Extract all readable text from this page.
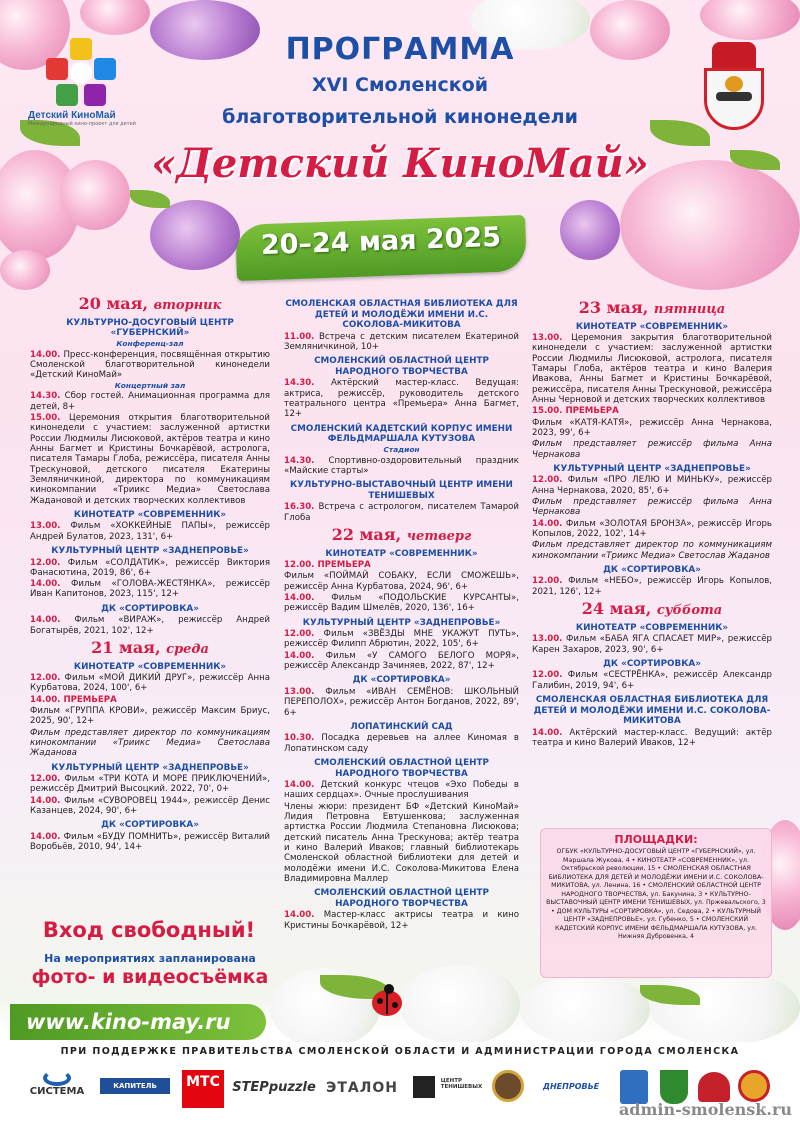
Детский КиноМай
Международный кино-проект для детей
ПРОГРАММА
XVI Смоленской
благотворительной кинонедели
«Детский КиноМай»
20–24 мая 2025
20 мая, вторник
КУЛЬТУРНО-ДОСУГОВЫЙ ЦЕНТР «ГУБЕРНСКИЙ»
Конференц-зал
14.00. Пресс-конференция, посвящённая открытию Смоленской благотворительной кинонедели «Детский КиноМай»
Концертный зал
14.30. Сбор гостей. Анимационная программа для детей, 8+
15.00. Церемония открытия благотворительной кинонедели с участием: заслуженной артистки России Людмилы Лисюковой, актёров театра и кино Анны Багмет и Кристины Бочкарёвой, астролога, писателя Тамары Глоба, режиссёра, писателя Анны Трескуновой, детского писателя Екатерины Земляничкиной, директора по коммуникациям кинокомпании «Триикс Медиа» Светославa Жадановой и детских творческих коллективов
КИНОТЕАТР «СОВРЕМЕННИК»
13.00. Фильм «ХОККЕЙНЫЕ ПАПЫ», режиссёр Андрей Булатов, 2023, 131', 6+
КУЛЬТУРНЫЙ ЦЕНТР «ЗАДНЕПРОВЬЕ»
12.00. Фильм «СОЛДАТИК», режиссёр Виктория Фанасютина, 2019, 86', 6+
14.00. Фильм «ГОЛОВА-ЖЕСТЯНКА», режиссёр Иван Капитонов, 2023, 115', 12+
ДК «СОРТИРОВКА»
14.00. Фильм «ВИРАЖ», режиссёр Андрей Богатырёв, 2021, 102', 12+
21 мая, среда
КИНОТЕАТР «СОВРЕМЕННИК»
12.00. Фильм «МОЙ ДИКИЙ ДРУГ», режиссёр Анна Курбатова, 2024, 100', 6+
14.00. ПРЕМЬЕРА
Фильм «ГРУППА КРОВИ», режиссёр Максим Бриус, 2025, 90', 12+
Фильм представляет директор по коммуникациям кинокомпании «Триикс Медиа» Светослава Жаданова
КУЛЬТУРНЫЙ ЦЕНТР «ЗАДНЕПРОВЬЕ»
12.00. Фильм «ТРИ КОТА И МОРЕ ПРИКЛЮЧЕНИЙ», режиссёр Дмитрий Высоцкий. 2022, 70', 0+
14.00. Фильм «СУВОРОВЕЦ 1944», режиссёр Денис Казанцев, 2024, 90', 6+
ДК «СОРТИРОВКА»
14.00. Фильм «БУДУ ПОМНИТЬ», режиссёр Виталий Воробьёв, 2010, 94', 14+
СМОЛЕНСКАЯ ОБЛАСТНАЯ БИБЛИОТЕКА ДЛЯ ДЕТЕЙ И МОЛОДЁЖИ ИМЕНИ И.С. СОКОЛОВА-МИКИТОВА
11.00. Встреча с детским писателем Екатериной Земляничкиной, 10+
СМОЛЕНСКИЙ ОБЛАСТНОЙ ЦЕНТР НАРОДНОГО ТВОРЧЕСТВА
14.30. Актёрский мастер-класс. Ведущая: актриса, режиссёр, руководитель детского театрального центра «Премьера» Анна Багмет, 12+
СМОЛЕНСКИЙ КАДЕТСКИЙ КОРПУС ИМЕНИ ФЕЛЬДМАРШАЛА КУТУЗОВА
Стадион
14.30. Спортивно-оздоровительный праздник «Майские старты»
КУЛЬТУРНО-ВЫСТАВОЧНЫЙ ЦЕНТР ИМЕНИ ТЕНИШЕВЫХ
16.30. Встреча с астрологом, писателем Тамарой Глоба
22 мая, четверг
КИНОТЕАТР «СОВРЕМЕННИК»
12.00. ПРЕМЬЕРА
Фильм «ПОЙМАЙ СОБАКУ, ЕСЛИ СМОЖЕШЬ», режиссёр Анна Курбатова, 2024, 96', 6+
14.00. Фильм «ПОДОЛЬСКИЕ КУРСАНТЫ», режиссёр Вадим Шмелёв, 2020, 136', 16+
КУЛЬТУРНЫЙ ЦЕНТР «ЗАДНЕПРОВЬЕ»
12.00. Фильм «ЗВЁЗДЫ МНЕ УКАЖУТ ПУТЬ», режиссёр Филипп Абрютин, 2022, 105', 6+
14.00. Фильм «У САМОГО БЕЛОГО МОРЯ», режиссёр Александр Зачиняев, 2022, 87', 12+
ДК «СОРТИРОВКА»
13.00. Фильм «ИВАН СЕМЁНОВ: ШКОЛЬНЫЙ ПЕРЕПОЛОХ», режиссёр Антон Богданов, 2022, 89', 6+
ЛОПАТИНСКИЙ САД
10.30. Посадка деревьев на аллее Киномая в Лопатинском саду
СМОЛЕНСКИЙ ОБЛАСТНОЙ ЦЕНТР НАРОДНОГО ТВОРЧЕСТВА
14.00. Детский конкурс чтецов «Эхо Победы в наших сердцах». Очные прослушивания
Члены жюри: президент БФ «Детский КиноМай» Лидия Петровна Евтушенкова; заслуженная артистка России Людмила Степановна Лисюкова; детский писатель Анна Трескунова; актёр театра и кино Валерий Иваков; главный библиотекарь Смоленской областной библиотеки для детей и молодёжи имени И.С. Соколова-Микитова Елена Владимировна Маллер
СМОЛЕНСКИЙ ОБЛАСТНОЙ ЦЕНТР НАРОДНОГО ТВОРЧЕСТВА
14.00. Мастер-класс актрисы театра и кино Кристины Бочкарёвой, 12+
23 мая, пятница
КИНОТЕАТР «СОВРЕМЕННИК»
13.00. Церемония закрытия благотворительной кинонедели с участием: заслуженной артистки России Людмилы Лисюковой, астролога, писателя Тамары Глоба, актёров театра и кино Валерия Ивакова, Анны Багмет и Кристины Бочкарёвой, режиссёра, писателя Анны Трескуновой, режиссёра Анны Черновой и детских творческих коллективов
15.00. ПРЕМЬЕРА
Фильм «КАТЯ-КАТЯ», режиссёр Анна Чернакова, 2023, 99', 6+
Фильм представляет режиссёр фильма Анна Чернакова
КУЛЬТУРНЫЙ ЦЕНТР «ЗАДНЕПРОВЬЕ»
12.00. Фильм «ПРО ЛЕЛЮ И МИНЬКУ», режиссёр Анна Чернакова, 2020, 85', 6+
Фильм представляет режиссёр фильма Анна Чернакова
14.00. Фильм «ЗОЛОТАЯ БРОНЗА», режиссёр Игорь Копылов, 2022, 102', 14+
Фильм представляет директор по коммуникациям кинокомпании «Триикс Медиа» Светослав Жаданов
ДК «СОРТИРОВКА»
12.00. Фильм «НЕБО», режиссёр Игорь Копылов, 2021, 126', 12+
24 мая, суббота
КИНОТЕАТР «СОВРЕМЕННИК»
13.00. Фильм «БАБА ЯГА СПАСАЕТ МИР», режиссёр Карен Захаров, 2023, 90', 6+
ДК «СОРТИРОВКА»
12.00. Фильм «СЕСТРЁНКА», режиссёр Александр Галибин, 2019, 94', 6+
СМОЛЕНСКАЯ ОБЛАСТНАЯ БИБЛИОТЕКА ДЛЯ ДЕТЕЙ И МОЛОДЁЖИ ИМЕНИ И.С. СОКОЛОВА-МИКИТОВА
14.00. Актёрский мастер-класс. Ведущий: актёр театра и кино Валерий Иваков, 12+
ПЛОЩАДКИ:
ОГБУК «КУЛЬТУРНО-ДОСУГОВЫЙ ЦЕНТР «ГУБЕРНСКИЙ», ул. Маршала Жукова, 4 • КИНОТЕАТР «СОВРЕМЕННИК», ул. Октябрьской революции, 15 • СМОЛЕНСКАЯ ОБЛАСТНАЯ БИБЛИОТЕКА ДЛЯ ДЕТЕЙ И МОЛОДЁЖИ ИМЕНИ И.С. СОКОЛОВА-МИКИТОВА, ул. Ленина, 16 • СМОЛЕНСКИЙ ОБЛАСТНОЙ ЦЕНТР НАРОДНОГО ТВОРЧЕСТВА, ул. Бакунина, 3 • КУЛЬТУРНО-ВЫСТАВОЧНЫЙ ЦЕНТР ИМЕНИ ТЕНИШЕВЫХ, ул. Пржевальского, 3 • ДОМ КУЛЬТУРЫ «СОРТИРОВКА», ул. Седова, 2 • КУЛЬТУРНЫЙ ЦЕНТР «ЗАДНЕПРОВЬЕ», ул. Губенко, 5 • СМОЛЕНСКИЙ КАДЕТСКИЙ КОРПУС ИМЕНИ ФЕЛЬДМАРШАЛА КУТУЗОВА, ул. Нижняя Дубровенка, 4
Вход свободный!
На мероприятиях запланирована
фото- и видеосъёмка
www.kino-may.ru
ПРИ ПОДДЕРЖКЕ ПРАВИТЕЛЬСТВА СМОЛЕНСКОЙ ОБЛАСТИ И АДМИНИСТРАЦИИ ГОРОДА СМОЛЕНСКА
СИСТЕМА	КАПИТЕЛЬ	МТС STEPpuzzle ЭТАЛОН	ЦЕНТР ТЕНИШЕВЫХ	ДНЕПРОВЬЕ
admin-smolensk.ru
